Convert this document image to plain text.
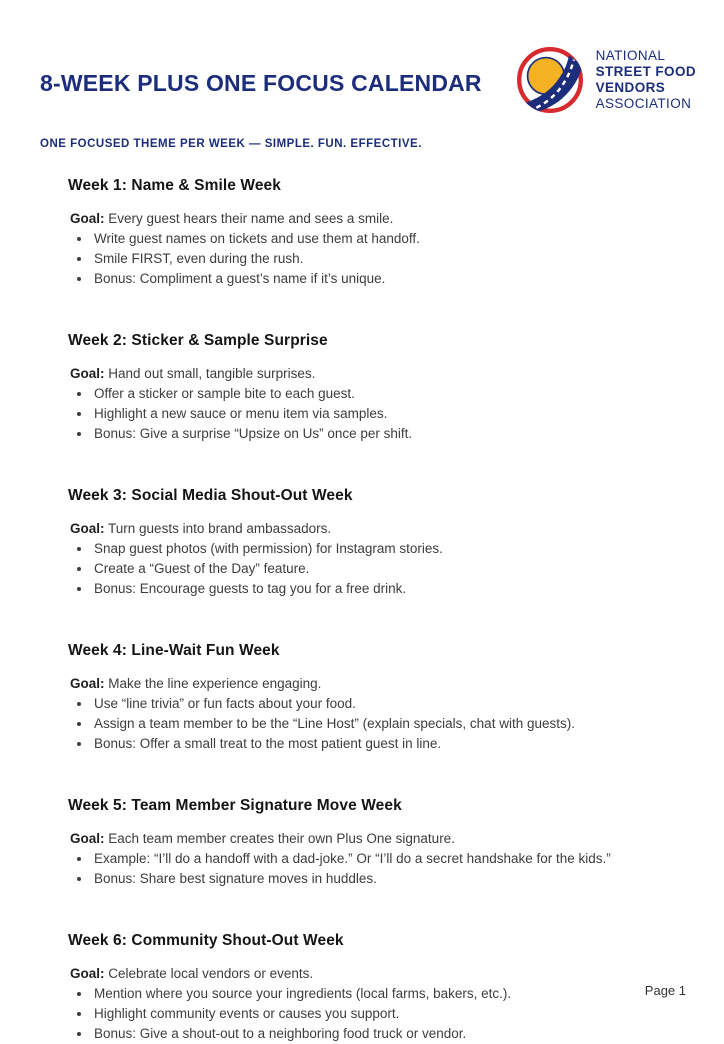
8-WEEK PLUS ONE FOCUS CALENDAR
NATIONAL
STREET FOOD
VENDORS
ASSOCIATION
ONE FOCUSED THEME PER WEEK — SIMPLE. FUN. EFFECTIVE.
Week 1: Name & Smile Week

Goal: Every guest hears their name and sees a smile.

• Write guest names on tickets and use them at handoff.
• Smile FIRST, even during the rush.
• Bonus: Compliment a guest’s name if it’s unique.
Week 2: Sticker & Sample Surprise

Goal: Hand out small, tangible surprises.

• Offer a sticker or sample bite to each guest.
• Highlight a new sauce or menu item via samples.
• Bonus: Give a surprise “Upsize on Us” once per shift.
Week 3: Social Media Shout-Out Week

Goal: Turn guests into brand ambassadors.

• Snap guest photos (with permission) for Instagram stories.
• Create a “Guest of the Day” feature.
• Bonus: Encourage guests to tag you for a free drink.
Week 4: Line-Wait Fun Week

Goal: Make the line experience engaging.

• Use “line trivia” or fun facts about your food.
• Assign a team member to be the “Line Host” (explain specials, chat with guests).
• Bonus: Offer a small treat to the most patient guest in line.
Week 5: Team Member Signature Move Week

Goal: Each team member creates their own Plus One signature.

• Example: “I’ll do a handoff with a dad-joke.” Or “I’ll do a secret handshake for the kids.”
• Bonus: Share best signature moves in huddles.
Week 6: Community Shout-Out Week

Goal: Celebrate local vendors or events.

• Mention where you source your ingredients (local farms, bakers, etc.).
• Highlight community events or causes you support.
• Bonus: Give a shout-out to a neighboring food truck or vendor.
Page 1
